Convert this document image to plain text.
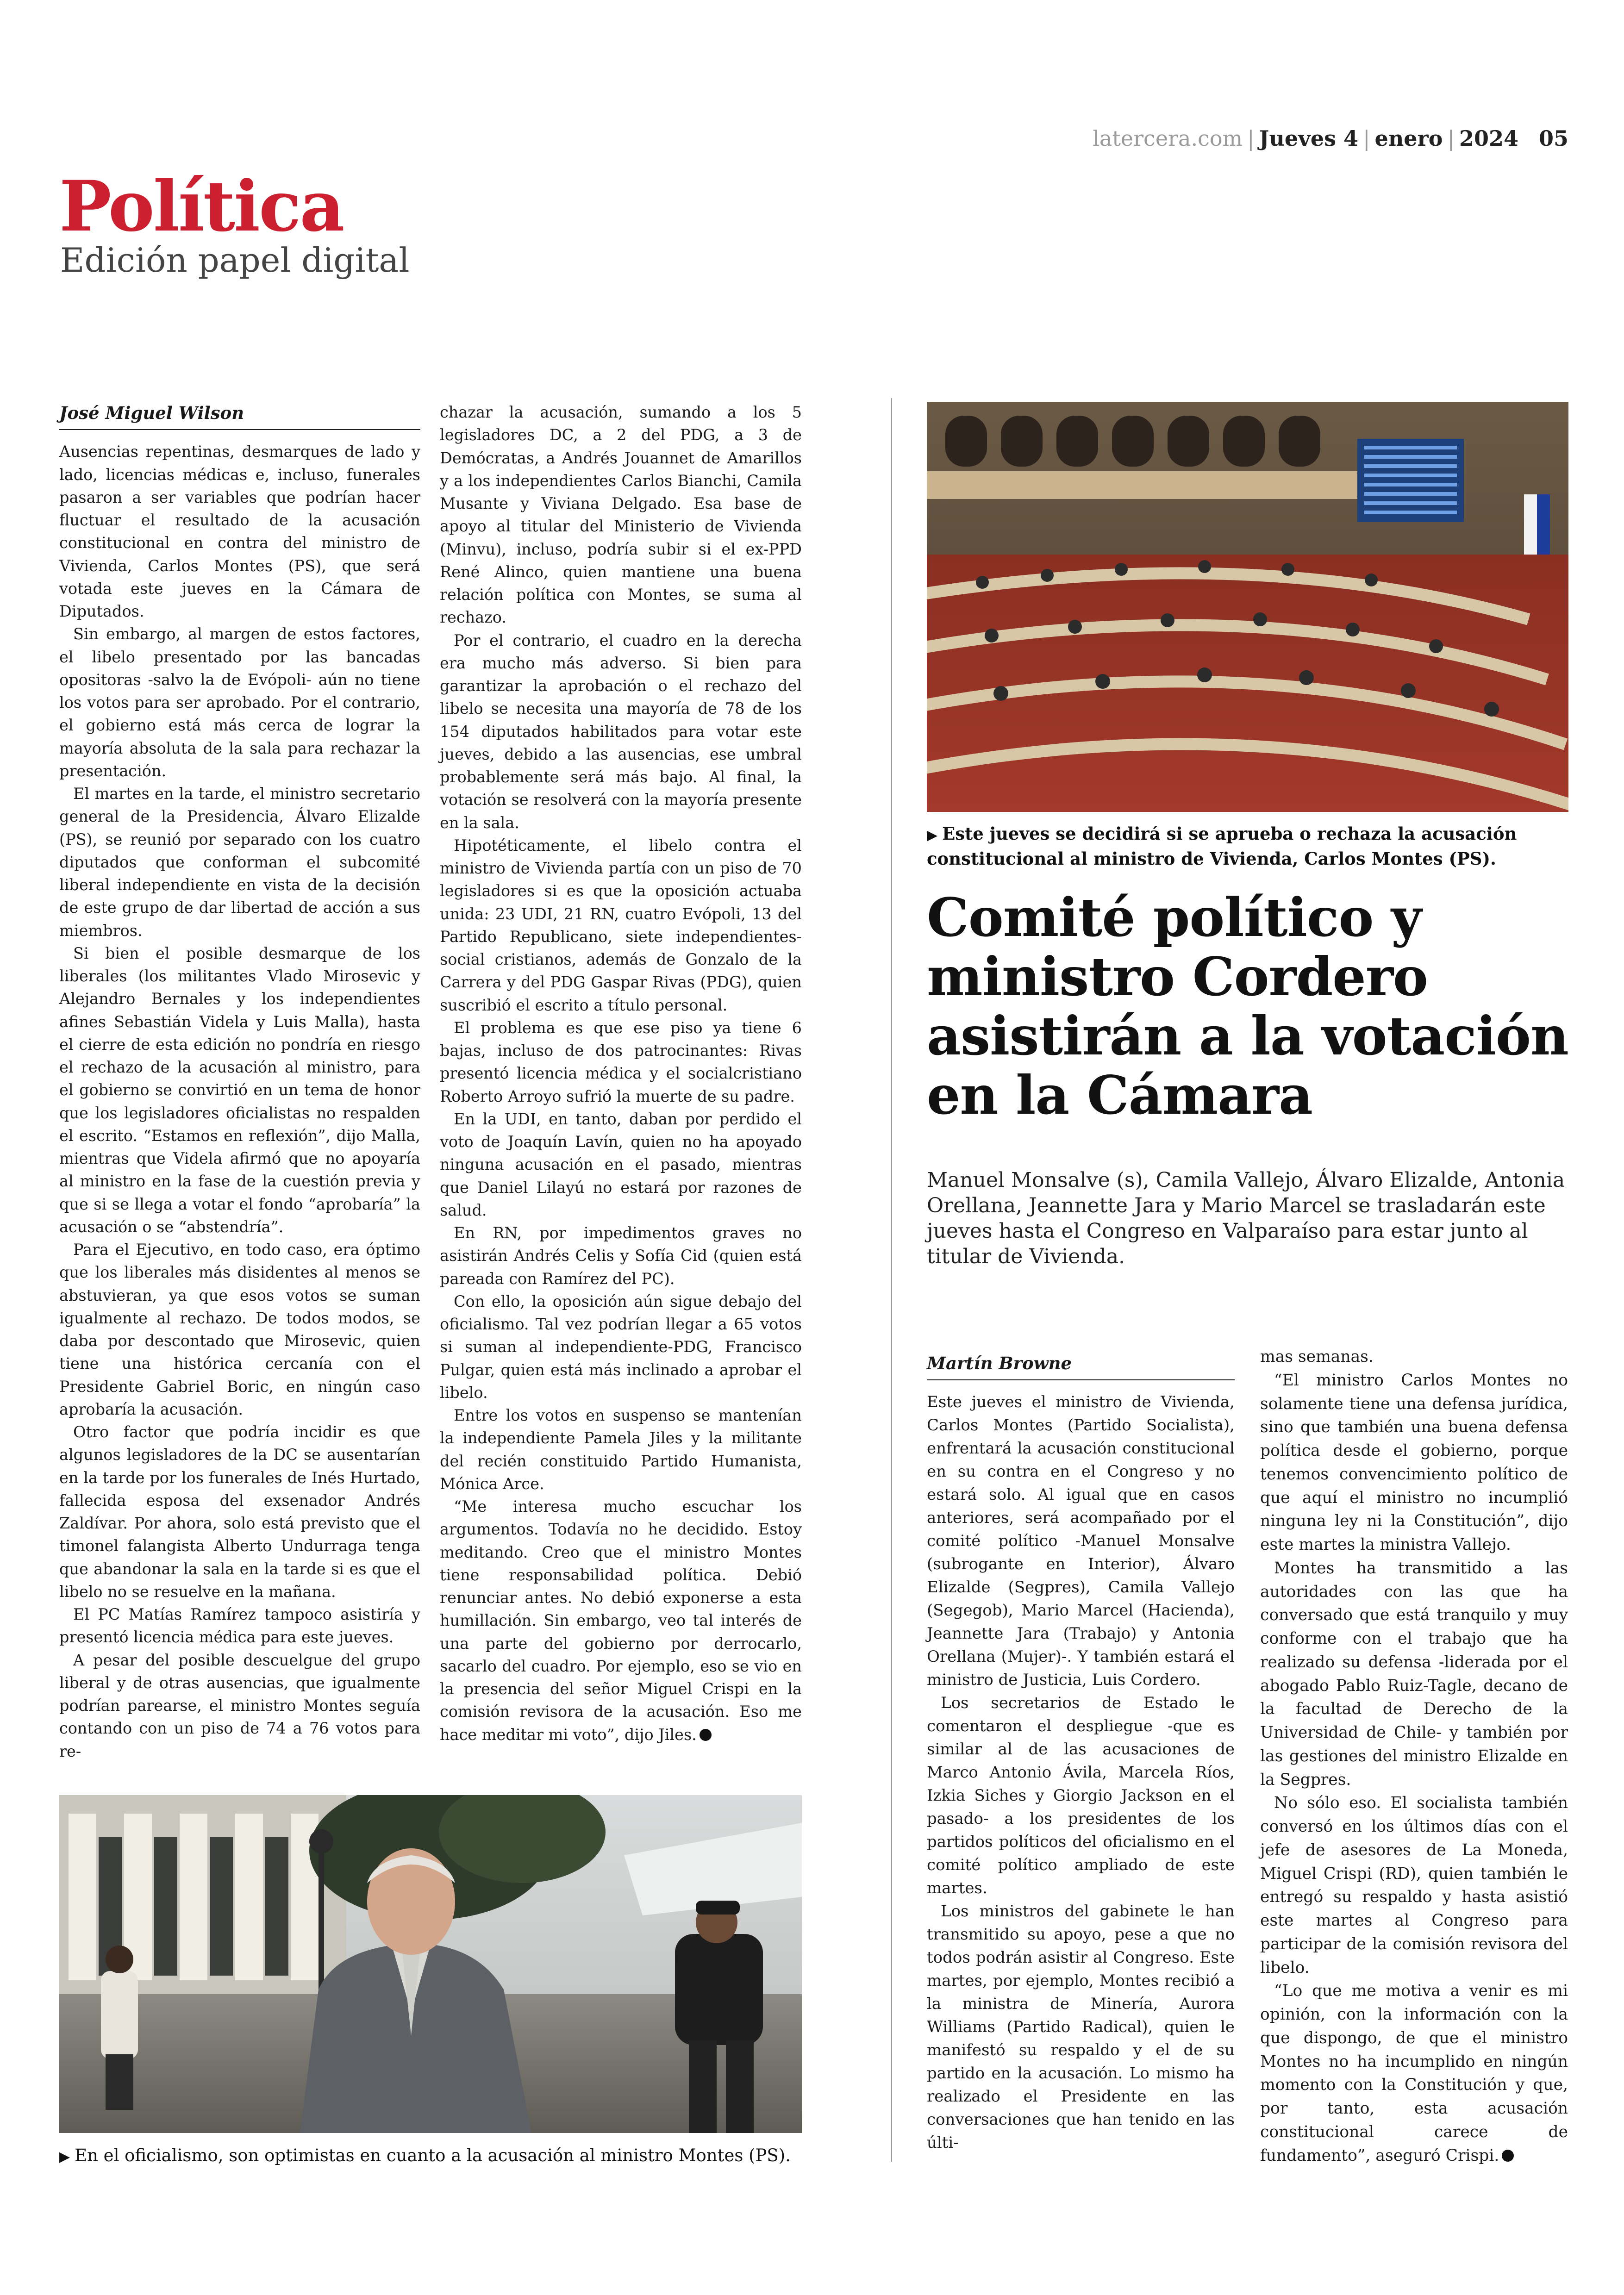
latercera.com | Jueves 4 | enero | 2024 05
Política
Edición papel digital
José Miguel Wilson

Ausencias repentinas, desmarques de lado y lado, licencias médicas e, incluso, funerales pasaron a ser variables que podrían hacer fluctuar el resultado de la acusación constitucional en contra del ministro de Vivienda, Carlos Montes (PS), que será votada este jueves en la Cámara de Diputados.

Sin embargo, al margen de estos factores, el libelo presentado por las bancadas opositoras -salvo la de Evópoli- aún no tiene los votos para ser aprobado. Por el contrario, el gobierno está más cerca de lograr la mayoría absoluta de la sala para rechazar la presentación.

El martes en la tarde, el ministro secretario general de la Presidencia, Álvaro Elizalde (PS), se reunió por separado con los cuatro diputados que conforman el subcomité liberal independiente en vista de la decisión de este grupo de dar libertad de acción a sus miembros.

Si bien el posible desmarque de los liberales (los militantes Vlado Mirosevic y Alejandro Bernales y los independientes afines Sebastián Videla y Luis Malla), hasta el cierre de esta edición no pondría en riesgo el rechazo de la acusación al ministro, para el gobierno se convirtió en un tema de honor que los legisladores oficialistas no respalden el escrito. “Estamos en reflexión”, dijo Malla, mientras que Videla afirmó que no apoyaría al ministro en la fase de la cuestión previa y que si se llega a votar el fondo “aprobaría” la acusación o se “abstendría”.

Para el Ejecutivo, en todo caso, era óptimo que los liberales más disidentes al menos se abstuvieran, ya que esos votos se suman igualmente al rechazo. De todos modos, se daba por descontado que Mirosevic, quien tiene una histórica cercanía con el Presidente Gabriel Boric, en ningún caso aprobaría la acusación.

Otro factor que podría incidir es que algunos legisladores de la DC se ausentarían en la tarde por los funerales de Inés Hurtado, fallecida esposa del exsenador Andrés Zaldívar. Por ahora, solo está previsto que el timonel falangista Alberto Undurraga tenga que abandonar la sala en la tarde si es que el libelo no se resuelve en la mañana.

El PC Matías Ramírez tampoco asistiría y presentó licencia médica para este jueves.

A pesar del posible descuelgue del grupo liberal y de otras ausencias, que igualmente podrían parearse, el ministro Montes seguía contando con un piso de 74 a 76 votos para re-

chazar la acusación, sumando a los 5 legisladores DC, a 2 del PDG, a 3 de Demócratas, a Andrés Jouannet de Amarillos y a los independientes Carlos Bianchi, Camila Musante y Viviana Delgado. Esa base de apoyo al titular del Ministerio de Vivienda (Minvu), incluso, podría subir si el ex-PPD René Alinco, quien mantiene una buena relación política con Montes, se suma al rechazo.

Por el contrario, el cuadro en la derecha era mucho más adverso. Si bien para garantizar la aprobación o el rechazo del libelo se necesita una mayoría de 78 de los 154 diputados habilitados para votar este jueves, debido a las ausencias, ese umbral probablemente será más bajo. Al final, la votación se resolverá con la mayoría presente en la sala.

Hipotéticamente, el libelo contra el ministro de Vivienda partía con un piso de 70 legisladores si es que la oposición actuaba unida: 23 UDI, 21 RN, cuatro Evópoli, 13 del Partido Republicano, siete independientes-social cristianos, además de Gonzalo de la Carrera y del PDG Gaspar Rivas (PDG), quien suscribió el escrito a título personal.

El problema es que ese piso ya tiene 6 bajas, incluso de dos patrocinantes: Rivas presentó licencia médica y el socialcristiano Roberto Arroyo sufrió la muerte de su padre.

En la UDI, en tanto, daban por perdido el voto de Joaquín Lavín, quien no ha apoyado ninguna acusación en el pasado, mientras que Daniel Lilayú no estará por razones de salud.

En RN, por impedimentos graves no asistirán Andrés Celis y Sofía Cid (quien está pareada con Ramírez del PC).

Con ello, la oposición aún sigue debajo del oficialismo. Tal vez podrían llegar a 65 votos si suman al independiente-PDG, Francisco Pulgar, quien está más inclinado a aprobar el libelo.

Entre los votos en suspenso se mantenían la independiente Pamela Jiles y la militante del recién constituido Partido Humanista, Mónica Arce.

“Me interesa mucho escuchar los argumentos. Todavía no he decidido. Estoy meditando. Creo que el ministro Montes tiene responsabilidad política. Debió renunciar antes. No debió exponerse a esta humillación. Sin embargo, veo tal interés de una parte del gobierno por derrocarlo, sacarlo del cuadro. Por ejemplo, eso se vio en la presencia del señor Miguel Crispi en la comisión revisora de la acusación. Eso me hace meditar mi voto”, dijo Jiles.

▶ En el oficialismo, son optimistas en cuanto a la acusación al ministro Montes (PS).
▶ Este jueves se decidirá si se aprueba o rechaza la acusación constitucional al ministro de Vivienda, Carlos Montes (PS).
Comité político y ministro Cordero asistirán a la votación en la Cámara
Manuel Monsalve (s), Camila Vallejo, Álvaro Elizalde, Antonia Orellana, Jeannette Jara y Mario Marcel se trasladarán este jueves hasta el Congreso en Valparaíso para estar junto al titular de Vivienda.
Martín Browne

Este jueves el ministro de Vivienda, Carlos Montes (Partido Socialista), enfrentará la acusación constitucional en su contra en el Congreso y no estará solo. Al igual que en casos anteriores, será acompañado por el comité político -Manuel Monsalve (subrogante en Interior), Álvaro Elizalde (Segpres), Camila Vallejo (Segegob), Mario Marcel (Hacienda), Jeannette Jara (Trabajo) y Antonia Orellana (Mujer)-. Y también estará el ministro de Justicia, Luis Cordero.

Los secretarios de Estado le comentaron el despliegue -que es similar al de las acusaciones de Marco Antonio Ávila, Marcela Ríos, Izkia Siches y Giorgio Jackson en el pasado- a los presidentes de los partidos políticos del oficialismo en el comité político ampliado de este martes.

Los ministros del gabinete le han transmitido su apoyo, pese a que no todos podrán asistir al Congreso. Este martes, por ejemplo, Montes recibió a la ministra de Minería, Aurora Williams (Partido Radical), quien le manifestó su respaldo y el de su partido en la acusación. Lo mismo ha realizado el Presidente en las conversaciones que han tenido en las últi-

mas semanas.

“El ministro Carlos Montes no solamente tiene una defensa jurídica, sino que también una buena defensa política desde el gobierno, porque tenemos convencimiento político de que aquí el ministro no incumplió ninguna ley ni la Constitución”, dijo este martes la ministra Vallejo.

Montes ha transmitido a las autoridades con las que ha conversado que está tranquilo y muy conforme con el trabajo que ha realizado su defensa -liderada por el abogado Pablo Ruiz-Tagle, decano de la facultad de Derecho de la Universidad de Chile- y también por las gestiones del ministro Elizalde en la Segpres.

No sólo eso. El socialista también conversó en los últimos días con el jefe de asesores de La Moneda, Miguel Crispi (RD), quien también le entregó su respaldo y hasta asistió este martes al Congreso para participar de la comisión revisora del libelo.

“Lo que me motiva a venir es mi opinión, con la información con la que dispongo, de que el ministro Montes no ha incumplido en ningún momento con la Constitución y que, por tanto, esta acusación constitucional carece de fundamento”, aseguró Crispi.
